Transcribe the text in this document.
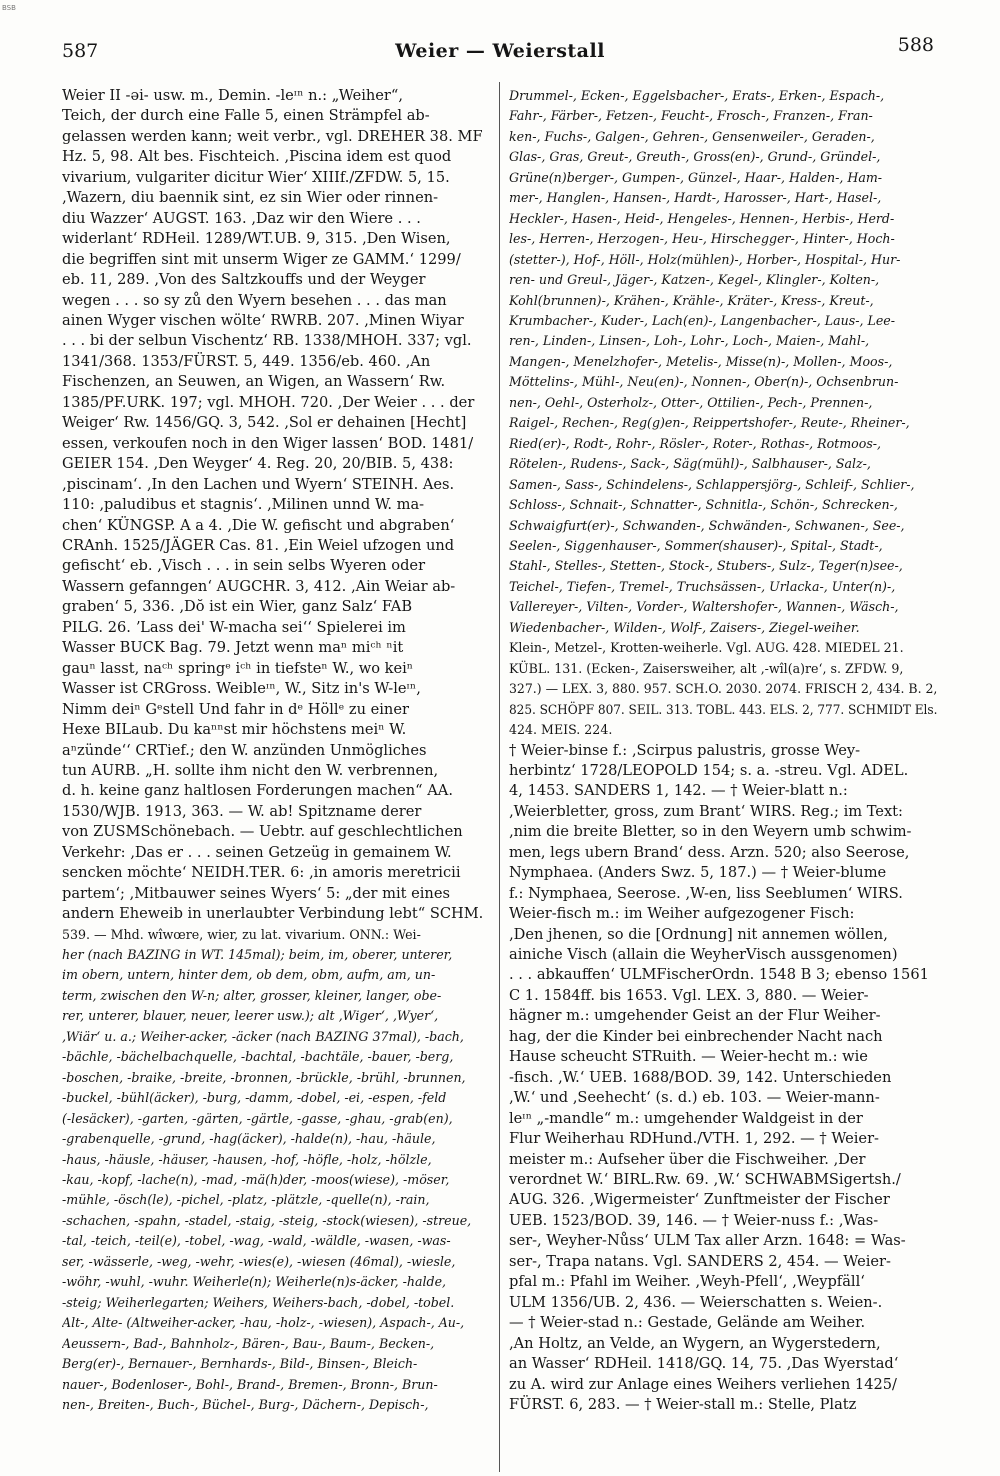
BSB
587	Weier — Weierstall	588
Weier II -əi- usw. m., Demin. -leᶦⁿ n.: „Weiher“,
Teich, der durch eine Falle 5, einen Strämpfel ab-
gelassen werden kann; weit verbr., vgl. DREHER 38. MF
Hz. 5, 98. Alt bes. Fischteich. ‚Piscina idem est quod
vivarium, vulgariter dicitur Wier‘ XIIIf./ZFDW. 5, 15.
‚Wazern, diu baennik sint, ez sin Wier oder rinnen-
diu Wazzer‘ AUGST. 163. ‚Daz wir den Wiere . . .
widerlant‘ RDHeil. 1289/WT.UB. 9, 315. ‚Den Wisen,
die begriffen sint mit unserm Wiger ze GAMM.‘ 1299/
eb. 11, 289. ‚Von des Saltzkouffs und der Weyger
wegen . . . so sy zů den Wyern besehen . . . das man
ainen Wyger vischen wölte‘ RWRB. 207. ‚Minen Wiyar
. . . bi der selbun Vischentz‘ RB. 1338/MHOH. 337; vgl.
1341/368. 1353/FÜRST. 5, 449. 1356/eb. 460. ‚An
Fischenzen, an Seuwen, an Wigen, an Wassern‘ Rw.
1385/PF.URK. 197; vgl. MHOH. 720. ‚Der Weier . . . der
Weiger‘ Rw. 1456/GQ. 3, 542. ‚Sol er dehainen [Hecht]
essen, verkoufen noch in den Wiger lassen‘ BOD. 1481/
GEIER 154. ‚Den Weyger‘ 4. Reg. 20, 20/BIB. 5, 438:
‚piscinam‘. ‚In den Lachen und Wyern‘ STEINH. Aes.
110: ‚paludibus et stagnis‘. ‚Milinen unnd W. ma-
chen‘ KÜNGSP. A a 4. ‚Die W. gefischt und abgraben‘
CRAnh. 1525/JÄGER Cas. 81. ‚Ein Weiel ufzogen und
gefischt‘ eb. ‚Visch . . . in sein selbs Wyeren oder
Wassern gefanngen‘ AUGCHR. 3, 412. ‚Ain Weiar ab-
graben‘ 5, 336. ‚Dŏ ist ein Wier, ganz Salz‘ FAB
PILG. 26. ʼLass dei' W-macha seiʻʻ Spielerei im
Wasser BUCK Bag. 79. Jetzt wenn maⁿ miᶜʰ ⁿit
gauⁿ lasst, naᶜʰ springᵉ iᶜʰ in tiefsteⁿ W., wo keiⁿ
Wasser ist CRGross. Weibleᶦⁿ, W., Sitz in's W-leᶦⁿ,
Nimm deiⁿ Gᵉstell Und fahr in dᵉ Höllᵉ zu einer
Hexe BILaub. Du kaⁿⁿst mir höchstens meiⁿ W.
aⁿzündeʻʻ CRTief.; den W. anzünden Unmögliches
tun AURB. „H. sollte ihm nicht den W. verbrennen,
d. h. keine ganz haltlosen Forderungen machen“ AA.
1530/WJB. 1913, 363. — W. ab! Spitzname derer
von ZUSMSchönebach. — Uebtr. auf geschlechtlichen
Verkehr: ‚Das er . . . seinen Getzeüg in gemainem W.
sencken möchte‘ NEIDH.TER. 6: ‚in amoris meretricii
partem‘; ‚Mitbauwer seines Wyers‘ 5: „der mit eines
andern Eheweib in unerlaubter Verbindung lebt“ SCHM.
539. — Mhd. wîwœre, wier, zu lat. vivarium. ONN.: Wei-
her (nach BAZING in WT. 145mal); beim, im, oberer, unterer,
im obern, untern, hinter dem, ob dem, obm, aufm, am, un-
term, zwischen den W-n; alter, grosser, kleiner, langer, obe-
rer, unterer, blauer, neuer, leerer usw.); alt ‚Wiger‘, ‚Wyer‘,
‚Wiär‘ u. a.; Weiher-acker, -äcker (nach BAZING 37mal), -bach,
-bächle, -bächelbachquelle, -bachtal, -bachtäle, -bauer, -berg,
-boschen, -braike, -breite, -bronnen, -brückle, -brühl, -brunnen,
-buckel, -bühl(äcker), -burg, -damm, -dobel, -ei, -espen, -feld
(-lesäcker), -garten, -gärten, -gärtle, -gasse, -ghau, -grab(en),
-grabenquelle, -grund, -hag(äcker), -halde(n), -hau, -häule,
-haus, -häusle, -häuser, -hausen, -hof, -höfle, -holz, -hölzle,
-kau, -kopf, -lache(n), -mad, -mä(h)der, -moos(wiese), -möser,
-mühle, -ösch(le), -pichel, -platz, -plätzle, -quelle(n), -rain,
-schachen, -spahn, -stadel, -staig, -steig, -stock(wiesen), -streue,
-tal, -teich, -teil(e), -tobel, -wag, -wald, -wäldle, -wasen, -was-
ser, -wässerle, -weg, -wehr, -wies(e), -wiesen (46mal), -wiesle,
-wöhr, -wuhl, -wuhr. Weiherle(n); Weiherle(n)s-äcker, -halde,
-steig; Weiherlegarten; Weihers, Weihers-bach, -dobel, -tobel.
Alt-, Alte- (Altweiher-acker, -hau, -holz-, -wiesen), Aspach-, Au-,
Aeussern-, Bad-, Bahnholz-, Bären-, Bau-, Baum-, Becken-,
Berg(er)-, Bernauer-, Bernhards-, Bild-, Binsen-, Bleich-
nauer-, Bodenloser-, Bohl-, Brand-, Bremen-, Bronn-, Brun-
nen-, Breiten-, Buch-, Büchel-, Burg-, Dächern-, Depisch-,
Drummel-, Ecken-, Eggelsbacher-, Erats-, Erken-, Espach-,
Fahr-, Färber-, Fetzen-, Feucht-, Frosch-, Franzen-, Fran-
ken-, Fuchs-, Galgen-, Gehren-, Gensenweiler-, Geraden-,
Glas-, Gras, Greut-, Greuth-, Gross(en)-, Grund-, Gründel-,
Grüne(n)berger-, Gumpen-, Günzel-, Haar-, Halden-, Ham-
mer-, Hanglen-, Hansen-, Hardt-, Harosser-, Hart-, Hasel-,
Heckler-, Hasen-, Heid-, Hengeles-, Hennen-, Herbis-, Herd-
les-, Herren-, Herzogen-, Heu-, Hirschegger-, Hinter-, Hoch-
(stetter-), Hof-, Höll-, Holz(mühlen)-, Horber-, Hospital-, Hur-
ren- und Greul-, Jäger-, Katzen-, Kegel-, Klingler-, Kolten-,
Kohl(brunnen)-, Krähen-, Krähle-, Kräter-, Kress-, Kreut-,
Krumbacher-, Kuder-, Lach(en)-, Langenbacher-, Laus-, Lee-
ren-, Linden-, Linsen-, Loh-, Lohr-, Loch-, Maien-, Mahl-,
Mangen-, Menelzhofer-, Metelis-, Misse(n)-, Mollen-, Moos-,
Möttelins-, Mühl-, Neu(en)-, Nonnen-, Ober(n)-, Ochsenbrun-
nen-, Oehl-, Osterholz-, Otter-, Ottilien-, Pech-, Prennen-,
Raigel-, Rechen-, Reg(g)en-, Reippertshofer-, Reute-, Rheiner-,
Ried(er)-, Rodt-, Rohr-, Rösler-, Roter-, Rothas-, Rotmoos-,
Rötelen-, Rudens-, Sack-, Säg(mühl)-, Salbhauser-, Salz-,
Samen-, Sass-, Schindelens-, Schlappersjörg-, Schleif-, Schlier-,
Schloss-, Schnait-, Schnatter-, Schnitla-, Schön-, Schrecken-,
Schwaigfurt(er)-, Schwanden-, Schwänden-, Schwanen-, See-,
Seelen-, Siggenhauser-, Sommer(shauser)-, Spital-, Stadt-,
Stahl-, Stelles-, Stetten-, Stock-, Stubers-, Sulz-, Teger(n)see-,
Teichel-, Tiefen-, Tremel-, Truchsässen-, Urlacka-, Unter(n)-,
Vallereyer-, Vilten-, Vorder-, Waltershofer-, Wannen-, Wäsch-,
Wiedenbacher-, Wilden-, Wolf-, Zaisers-, Ziegel-weiher.
Klein-, Metzel-, Krotten-weiherle. Vgl. AUG. 428. MIEDEL 21.
KÜBL. 131. (Ecken-, Zaisersweiher, alt ‚-wîl(a)re‘, s. ZFDW. 9,
327.) — LEX. 3, 880. 957. SCH.O. 2030. 2074. FRISCH 2, 434. B. 2,
825. SCHÖPF 807. SEIL. 313. TOBL. 443. ELS. 2, 777. SCHMIDT Els.
424. MEIS. 224.
† Weier-binse f.: ‚Scirpus palustris, grosse Wey-
herbintz‘ 1728/LEOPOLD 154; s. a. -streu. Vgl. ADEL.
4, 1453. SANDERS 1, 142. — † Weier-blatt n.:
‚Weierbletter, gross, zum Brant‘ WIRS. Reg.; im Text:
‚nim die breite Bletter, so in den Weyern umb schwim-
men, legs ubern Brand‘ dess. Arzn. 520; also Seerose,
Nymphaea. (Anders Swz. 5, 187.) — † Weier-blume
f.: Nymphaea, Seerose. ‚W-en, liss Seeblumen‘ WIRS.
Weier-fisch m.: im Weiher aufgezogener Fisch:
‚Den jhenen, so die [Ordnung] nit annemen wöllen,
ainiche Visch (allain die WeyherVisch aussgenomen)
. . . abkauffen‘ ULMFischerOrdn. 1548 B 3; ebenso 1561
C 1. 1584ff. bis 1653. Vgl. LEX. 3, 880. — Weier-
hägner m.: umgehender Geist an der Flur Weiher-
hag, der die Kinder bei einbrechender Nacht nach
Hause scheucht STRuith. — Weier-hecht m.: wie
-fisch. ‚W.‘ UEB. 1688/BOD. 39, 142. Unterschieden
‚W.‘ und ‚Seehecht‘ (s. d.) eb. 103. — Weier-mann-
leᶦⁿ „-mandle“ m.: umgehender Waldgeist in der
Flur Weiherhau RDHund./VTH. 1, 292. — † Weier-
meister m.: Aufseher über die Fischweiher. ‚Der
verordnet W.‘ BIRL.Rw. 69. ‚W.‘ SCHWABMSigertsh./
AUG. 326. ‚Wigermeister‘ Zunftmeister der Fischer
UEB. 1523/BOD. 39, 146. — † Weier-nuss f.: ‚Was-
ser-, Weyher-Nůss‘ ULM Tax aller Arzn. 1648: = Was-
ser-, Trapa natans. Vgl. SANDERS 2, 454. — Weier-
pfal m.: Pfahl im Weiher. ‚Weyh-Pfell‘, ‚Weypfäll‘
ULM 1356/UB. 2, 436. — Weierschatten s. Weien-.
— † Weier-stad n.: Gestade, Gelände am Weiher.
‚An Holtz, an Velde, an Wygern, an Wygerstedern,
an Wasser‘ RDHeil. 1418/GQ. 14, 75. ‚Das Wyerstad‘
zu A. wird zur Anlage eines Weihers verliehen 1425/
FÜRST. 6, 283. — † Weier-stall m.: Stelle, Platz
